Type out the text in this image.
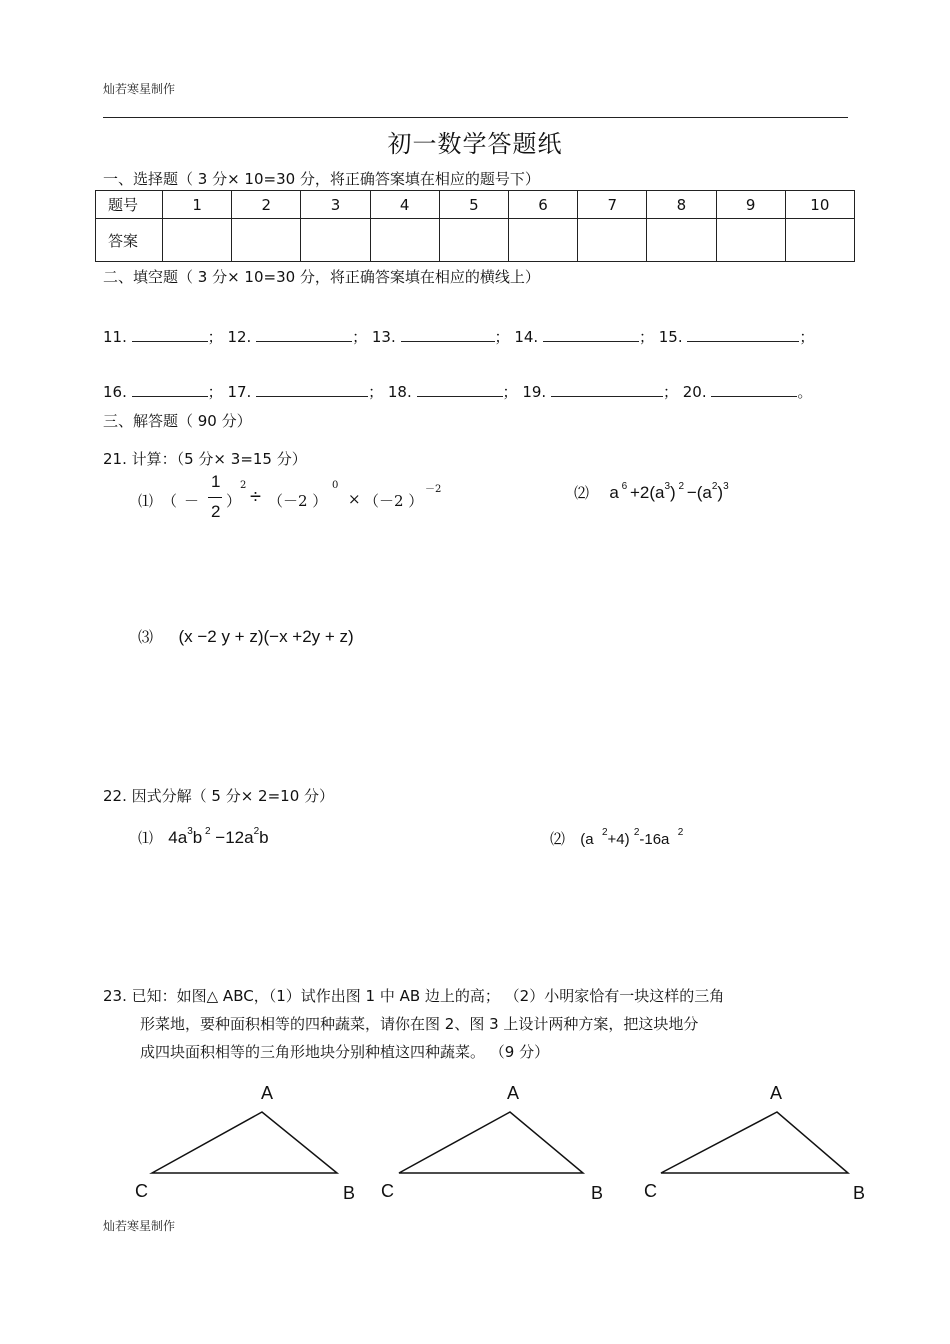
灿若寒星制作
初一数学答题纸
一、选择题（ 3 分× 10=30 分，将正确答案填在相应的题号下）
题号	1	2	3	4	5	6	7	8	9	10
答案										
二、填空题（ 3 分× 10=30 分，将正确答案填在相应的横线上）
11.	； 12.	； 13.	； 14.	； 15.	；
16.	； 17.	； 18.	； 19.	； 20.	。
三、解答题（ 90 分）
21. 计算：（5 分× 3=15 分）
⑴ （ －
1
2
）
2
÷ （－2 ）
0
× （－2 ）
－2	⑵ a $^6 +2(a^3)$ $^2 -(a^2)^3$
⑶ (x −2 y + z)(−x +2y + z)
22. 因式分解（ 5 分× 2=10 分）
⑴ $4a^3b$ $^2 -12a^2b$	⑵ (a $^2$+4) $^2$-16a $^2$
23. 已知：如图△ ABC，（1）试作出图 1 中 AB 边上的高； （2）小明家恰有一块这样的三角
形菜地，要种面积相等的四种蔬菜，请你在图 2、图 3 上设计两种方案，把这块地分
成四块面积相等的三角形地块分别种植这四种蔬菜。 （9 分）
A
C	B
A
C	B
A
C	B
灿若寒星制作
